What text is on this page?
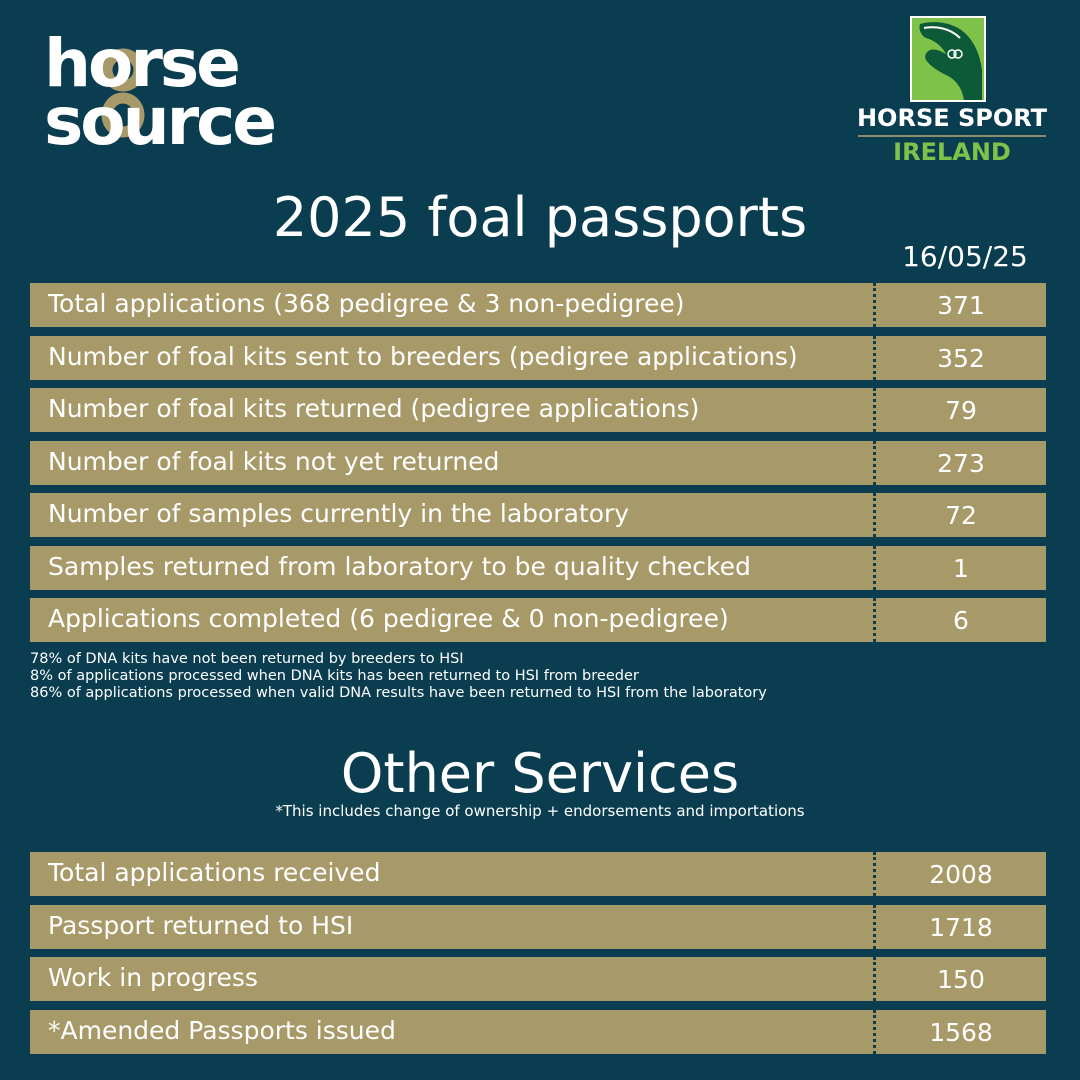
horse
source	HORSE SPORT
IRELAND
2025 foal passports
16/05/25
Total applications (368 pedigree & 3 non-pedigree)	371
Number of foal kits sent to breeders (pedigree applications)	352
Number of foal kits returned (pedigree applications)	79
Number of foal kits not yet returned	273
Number of samples currently in the laboratory	72
Samples returned from laboratory to be quality checked	1
Applications completed (6 pedigree & 0 non-pedigree)	6
78% of DNA kits have not been returned by breeders to HSI
8% of applications processed when DNA kits has been returned to HSI from breeder
86% of applications processed when valid DNA results have been returned to HSI from the laboratory
Other Services
*This includes change of ownership + endorsements and importations
Total applications received	2008
Passport returned to HSI	1718
Work in progress	150
*Amended Passports issued	1568
